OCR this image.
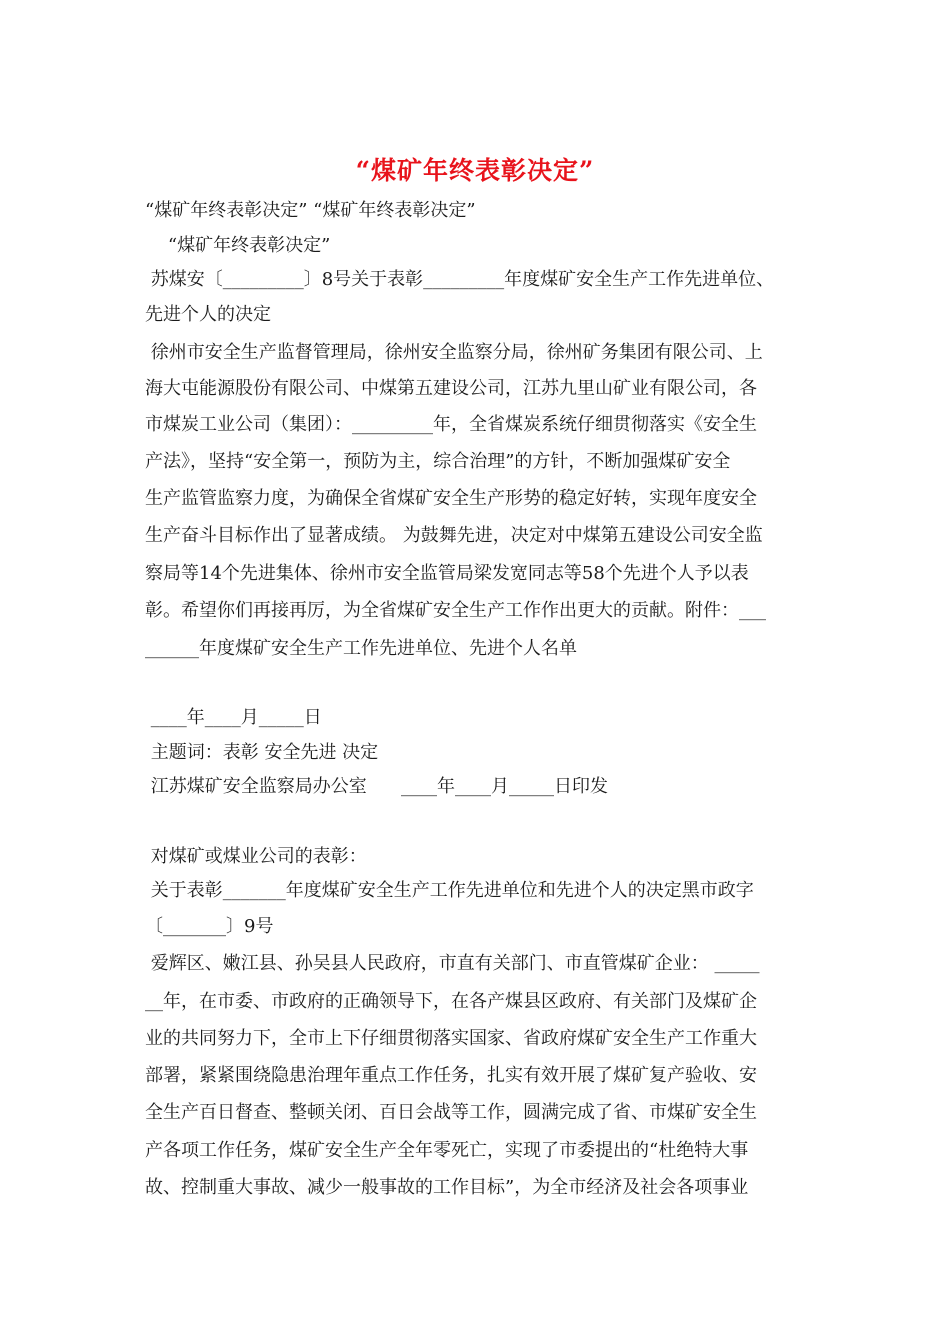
“煤矿年终表彰决定”

“煤矿年终表彰决定” “煤矿年终表彰决定”

“煤矿年终表彰决定”

苏煤安〔_________〕8号关于表彰_________年度煤矿安全生产工作先进单位、

先进个人的决定

徐州市安全生产监督管理局，徐州安全监察分局，徐州矿务集团有限公司、上

海大屯能源股份有限公司、中煤第五建设公司，江苏九里山矿业有限公司，各

市煤炭工业公司（集团）：_________年，全省煤炭系统仔细贯彻落实《安全生

产法》，坚持“安全第一，预防为主，综合治理”的方针，不断加强煤矿安全

生产监管监察力度，为确保全省煤矿安全生产形势的稳定好转，实现年度安全

生产奋斗目标作出了显著成绩。 为鼓舞先进，决定对中煤第五建设公司安全监

察局等14个先进集体、徐州市安全监管局梁发宽同志等58个先进个人予以表

彰。希望你们再接再厉，为全省煤矿安全生产工作作出更大的贡献。附件：___

______年度煤矿安全生产工作先进单位、先进个人名单

____年____月_____日

主题词：表彰 安全先进 决定

江苏煤矿安全监察局办公室      ____年____月_____日印发

对煤矿或煤业公司的表彰：

关于表彰_______年度煤矿安全生产工作先进单位和先进个人的决定黑市政字

〔_______〕9号

爱辉区、嫩江县、孙吴县人民政府，市直有关部门、市直管煤矿企业： _____

__年，在市委、市政府的正确领导下，在各产煤县区政府、有关部门及煤矿企

业的共同努力下，全市上下仔细贯彻落实国家、省政府煤矿安全生产工作重大

部署，紧紧围绕隐患治理年重点工作任务，扎实有效开展了煤矿复产验收、安

全生产百日督查、整顿关闭、百日会战等工作，圆满完成了省、市煤矿安全生

产各项工作任务，煤矿安全生产全年零死亡，实现了市委提出的“杜绝特大事

故、控制重大事故、减少一般事故的工作目标”，为全市经济及社会各项事业
